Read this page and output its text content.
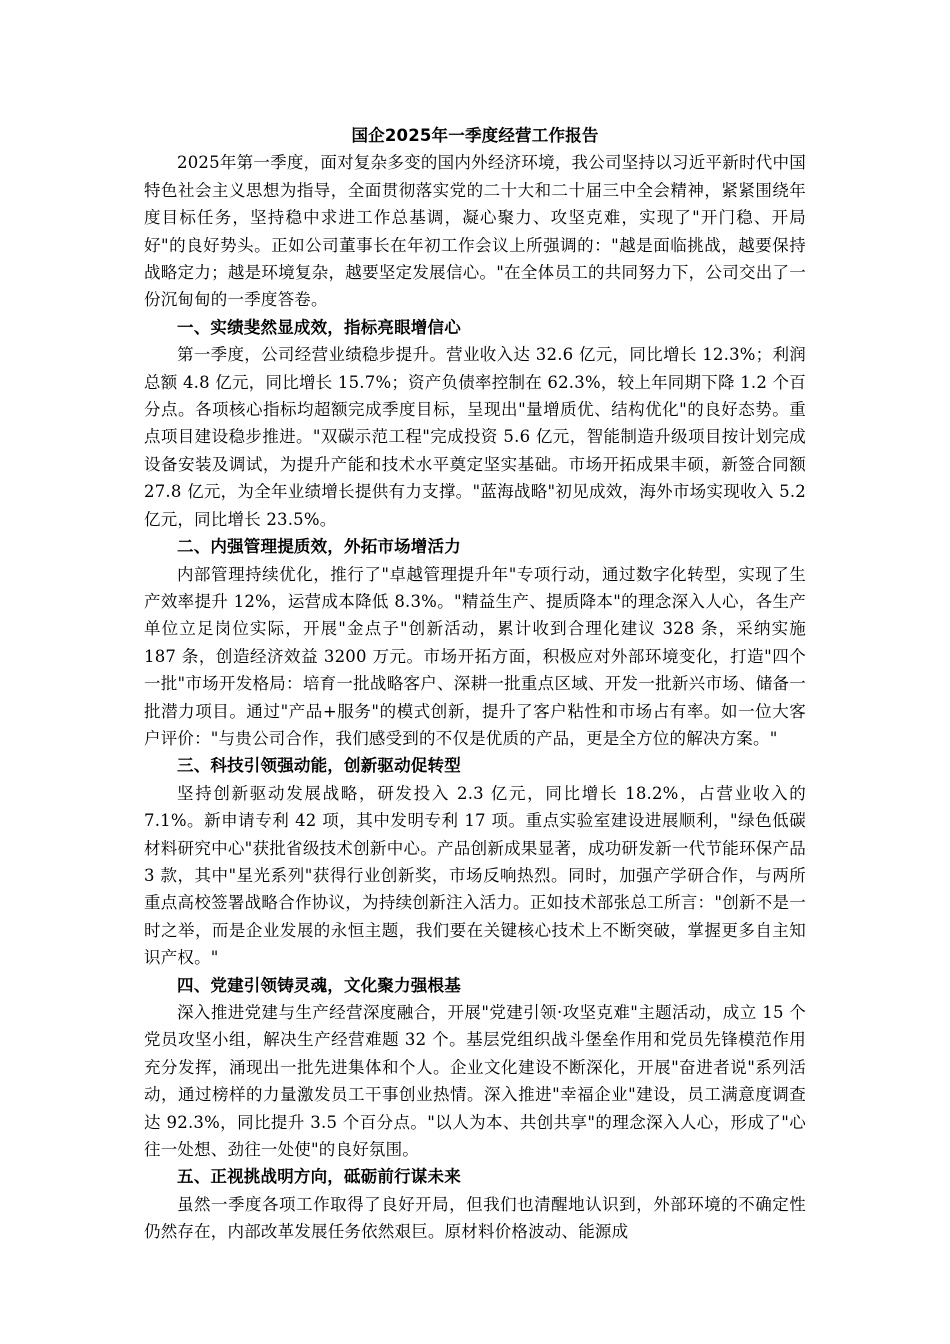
国企2025年一季度经营工作报告

2025年第一季度，面对复杂多变的国内外经济环境，我公司坚持以习近平新时代中国特色社会主义思想为指导，全面贯彻落实党的二十大和二十届三中全会精神，紧紧围绕年度目标任务，坚持稳中求进工作总基调，凝心聚力、攻坚克难，实现了"开门稳、开局好"的良好势头。正如公司董事长在年初工作会议上所强调的："越是面临挑战，越要保持战略定力；越是环境复杂，越要坚定发展信心。"在全体员工的共同努力下，公司交出了一份沉甸甸的一季度答卷。

一、实绩斐然显成效，指标亮眼增信心

第一季度，公司经营业绩稳步提升。营业收入达 32.6 亿元，同比增长 12.3%；利润总额 4.8 亿元，同比增长 15.7%；资产负债率控制在 62.3%，较上年同期下降 1.2 个百分点。各项核心指标均超额完成季度目标，呈现出"量增质优、结构优化"的良好态势。重点项目建设稳步推进。"双碳示范工程"完成投资 5.6 亿元，智能制造升级项目按计划完成设备安装及调试，为提升产能和技术水平奠定坚实基础。市场开拓成果丰硕，新签合同额 27.8 亿元，为全年业绩增长提供有力支撑。"蓝海战略"初见成效，海外市场实现收入 5.2 亿元，同比增长 23.5%。

二、内强管理提质效，外拓市场增活力

内部管理持续优化，推行了"卓越管理提升年"专项行动，通过数字化转型，实现了生产效率提升 12%，运营成本降低 8.3%。"精益生产、提质降本"的理念深入人心，各生产单位立足岗位实际，开展"金点子"创新活动，累计收到合理化建议 328 条，采纳实施 187 条，创造经济效益 3200 万元。市场开拓方面，积极应对外部环境变化，打造"四个一批"市场开发格局：培育一批战略客户、深耕一批重点区域、开发一批新兴市场、储备一批潜力项目。通过"产品+服务"的模式创新，提升了客户粘性和市场占有率。如一位大客户评价："与贵公司合作，我们感受到的不仅是优质的产品，更是全方位的解决方案。"

三、科技引领强动能，创新驱动促转型

坚持创新驱动发展战略，研发投入 2.3 亿元，同比增长 18.2%，占营业收入的 7.1%。新申请专利 42 项，其中发明专利 17 项。重点实验室建设进展顺利，"绿色低碳材料研究中心"获批省级技术创新中心。产品创新成果显著，成功研发新一代节能环保产品 3 款，其中"星光系列"获得行业创新奖，市场反响热烈。同时，加强产学研合作，与两所重点高校签署战略合作协议，为持续创新注入活力。正如技术部张总工所言："创新不是一时之举，而是企业发展的永恒主题，我们要在关键核心技术上不断突破，掌握更多自主知识产权。"

四、党建引领铸灵魂，文化聚力强根基

深入推进党建与生产经营深度融合，开展"党建引领·攻坚克难"主题活动，成立 15 个党员攻坚小组，解决生产经营难题 32 个。基层党组织战斗堡垒作用和党员先锋模范作用充分发挥，涌现出一批先进集体和个人。企业文化建设不断深化，开展"奋进者说"系列活动，通过榜样的力量激发员工干事创业热情。深入推进"幸福企业"建设，员工满意度调查达 92.3%，同比提升 3.5 个百分点。"以人为本、共创共享"的理念深入人心，形成了"心往一处想、劲往一处使"的良好氛围。

五、正视挑战明方向，砥砺前行谋未来

虽然一季度各项工作取得了良好开局，但我们也清醒地认识到，外部环境的不确定性仍然存在，内部改革发展任务依然艰巨。原材料价格波动、能源成
